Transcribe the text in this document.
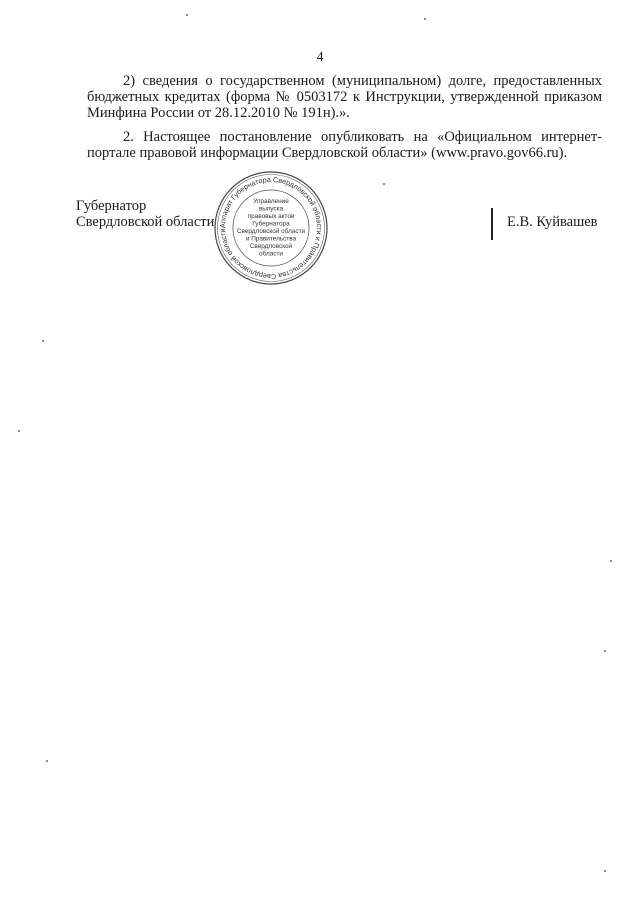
4

2) сведения о государственном (муниципальном) долге, предоставленных бюджетных кредитах (форма № 0503172 к Инструкции, утвержденной приказом Минфина России от 28.12.2010 № 191н).».

2. Настоящее постановление опубликовать на «Официальном интернет-портале правовой информации Свердловской области» (www.pravo.gov66.ru).

Губернатор
Свердловской области Аппарат Губернатора Свердловской области и Правительства Свердловской области
Управление
выпуска
правовых актов
Губернатора
Свердловской области
и Правительства
Свердловской
области
Е.В. Куйвашев
